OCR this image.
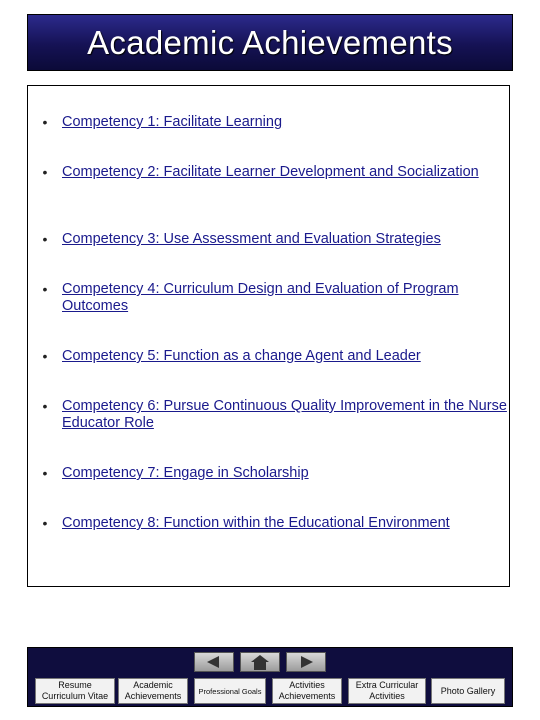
Academic Achievements
•	Competency 1: Facilitate Learning
•	Competency 2: Facilitate Learner Development and Socialization
•	Competency 3: Use Assessment and Evaluation Strategies
•	Competency 4: Curriculum Design and Evaluation of Program Outcomes
•	Competency 5: Function as a change Agent and Leader
•	Competency 6: Pursue Continuous Quality Improvement in the Nurse Educator Role
•	Competency 7: Engage in Scholarship
•	Competency 8: Function within the Educational Environment
Resume
Curriculum Vitae
Academic
Achievements Professional Goals
Activities
Achievements
Extra Curricular
Activities
Photo Gallery
